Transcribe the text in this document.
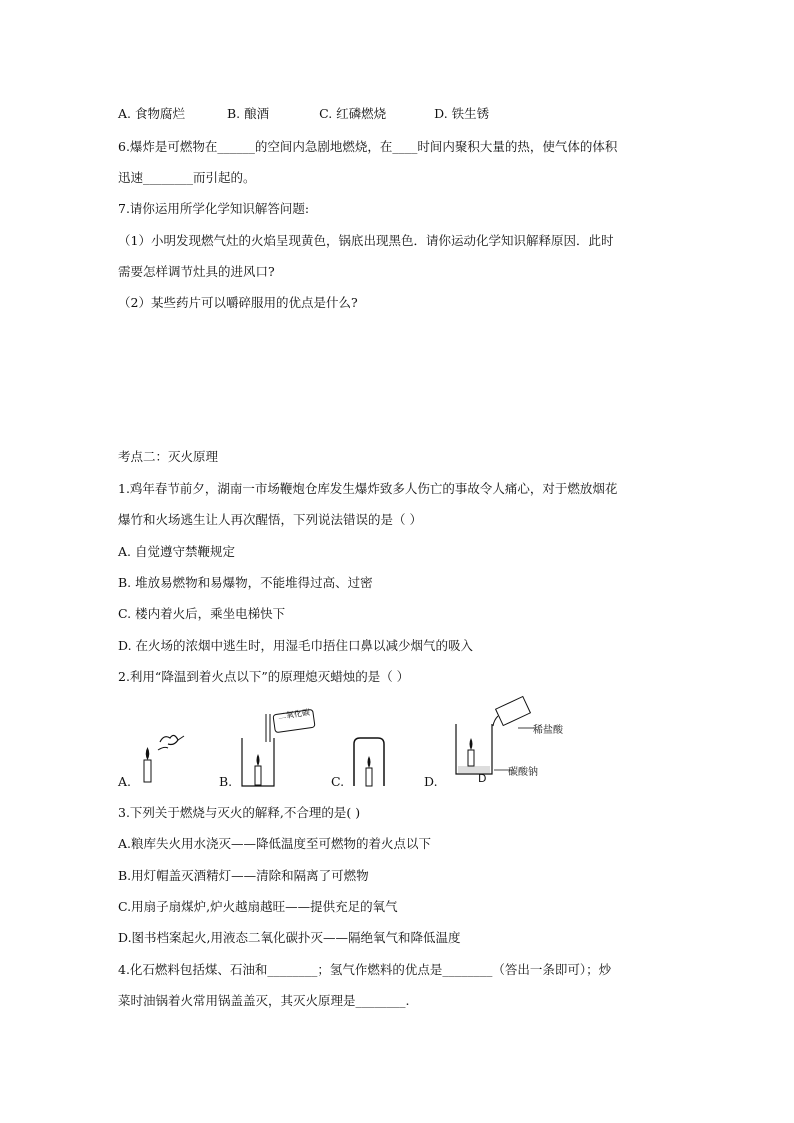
A. 食物腐烂	B. 酿酒	C. 红磷燃烧	D. 铁生锈
6.爆炸是可燃物在______的空间内急剧地燃烧，在____时间内聚积大量的热，使气体的体积
迅速________而引起的。
7.请你运用所学化学知识解答问题:
（1）小明发现燃气灶的火焰呈现黄色，锅底出现黑色．请你运动化学知识解释原因．此时
需要怎样调节灶具的进风口?
（2）某些药片可以嚼碎服用的优点是什么?
考点二：灭火原理
1.鸡年春节前夕，湖南一市场鞭炮仓库发生爆炸致多人伤亡的事故令人痛心，对于燃放烟花
爆竹和火场逃生让人再次醒悟，下列说法错误的是（ ）
A. 自觉遵守禁鞭规定
B. 堆放易燃物和易爆物，不能堆得过高、过密
C. 楼内着火后，乘坐电梯快下
D. 在火场的浓烟中逃生时，用湿毛巾捂住口鼻以减少烟气的吸入
2.利用“降温到着火点以下”的原理熄灭蜡烛的是（ ）
A.	B.
二氧化碳
C.	D.
稀盐酸
碳酸钠
D
3.下列关于燃烧与灭火的解释,不合理的是( )
A.粮库失火用水浇灭——降低温度至可燃物的着火点以下
B.用灯帽盖灭酒精灯——清除和隔离了可燃物
C.用扇子扇煤炉,炉火越扇越旺——提供充足的氧气
D.图书档案起火,用液态二氧化碳扑灭——隔绝氧气和降低温度
4.化石燃料包括煤、石油和________；氢气作燃料的优点是________（答出一条即可）；炒
菜时油锅着火常用锅盖盖灭，其灭火原理是________.
